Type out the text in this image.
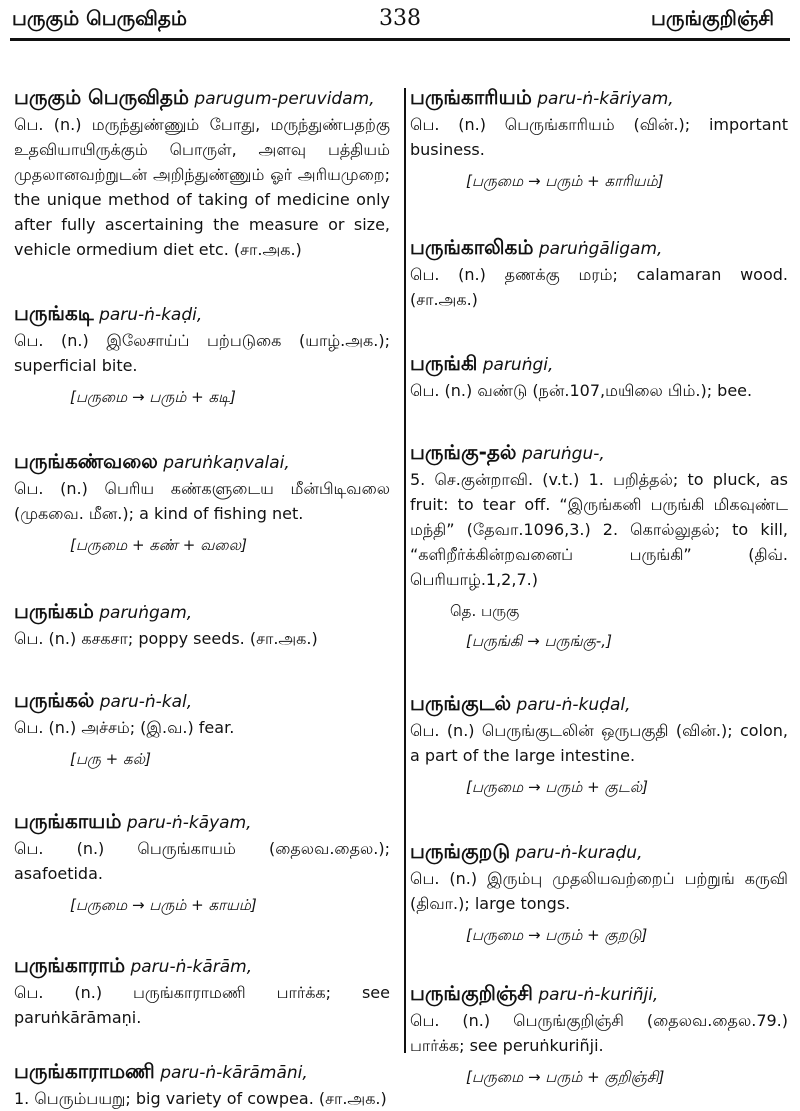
பருகும் பெருவிதம்	338	பருங்குறிஞ்சி
பருகும் பெருவிதம் parugum-peruvidam,
பெ. (n.) மருந்துண்ணும் போது, மருந்துண்பதற்கு உதவியாயிருக்கும் பொருள், அளவு பத்தியம் முதலானவற்றுடன் அறிந்துண்ணும் ஓர் அரியமுறை; the unique method of taking of medicine only after fully ascertaining the measure or size, vehicle ormedium diet etc. (சா.அக.)
பருங்கடி paru-ṅ-kaḍi,
பெ. (n.) இலேசாய்ப் பற்படுகை (யாழ்.அக.); superficial bite.
[பருமை → பரும் + கடி]
பருங்கண்வலை paruṅkaṇvalai,
பெ. (n.) பெரிய கண்களுடைய மீன்பிடிவலை (முகவை. மீன.); a kind of fishing net.
[பருமை + கண் + வலை]
பருங்கம் paruṅgam,
பெ. (n.) கசகசா; poppy seeds. (சா.அக.)
பருங்கல் paru-ṅ-kal,
பெ. (n.) அச்சம்; (இ.வ.) fear.
[பரு + கல்]
பருங்காயம் paru-ṅ-kāyam,
பெ. (n.) பெருங்காயம் (தைலவ.தைல.); asafoetida.
[பருமை → பரும் + காயம்]
பருங்காராம் paru-ṅ-kārām,
பெ. (n.) பருங்காராமணி பார்க்க; see paruṅkārāmaṇi.
பருங்காராமணி paru-ṅ-kārāmāni,
1. பெரும்பயறு; big variety of cowpea. (சா.அக.)
பருங்காரியம் paru-ṅ-kāriyam,
பெ. (n.) பெருங்காரியம் (வின்.); important business.
[பருமை → பரும் + காரியம்]
பருங்காலிகம் paruṅgāligam,
பெ. (n.) தணக்கு மரம்; calamaran wood. (சா.அக.)
பருங்கி paruṅgi,
பெ. (n.) வண்டு (நன்.107,மயிலை பிம்.); bee.
பருங்கு-தல் paruṅgu-,
5. செ.குன்றாவி. (v.t.) 1. பறித்தல்; to pluck, as fruit: to tear off. “இருங்கனி பருங்கி மிகவுண்ட மந்தி” (தேவா.1096,3.) 2. கொல்லுதல்; to kill, “களிறீர்க்கின்றவனைப் பருங்கி” (திவ். பெரியாழ்.1,2,7.)
தெ. பருகு
[பருங்கி → பருங்கு-,]
பருங்குடல் paru-ṅ-kuḍal,
பெ. (n.) பெருங்குடலின் ஒருபகுதி (வின்.); colon, a part of the large intestine.
[பருமை → பரும் + குடல்]
பருங்குறடு paru-ṅ-kuraḍu,
பெ. (n.) இரும்பு முதலியவற்றைப் பற்றுங் கருவி (திவா.); large tongs.
[பருமை → பரும் + குறடு]
பருங்குறிஞ்சி paru-ṅ-kuriñji,
பெ. (n.) பெருங்குறிஞ்சி (தைலவ.தைல.79.) பார்க்க; see peruṅkuriñji.
[பருமை → பரும் + குறிஞ்சி]
